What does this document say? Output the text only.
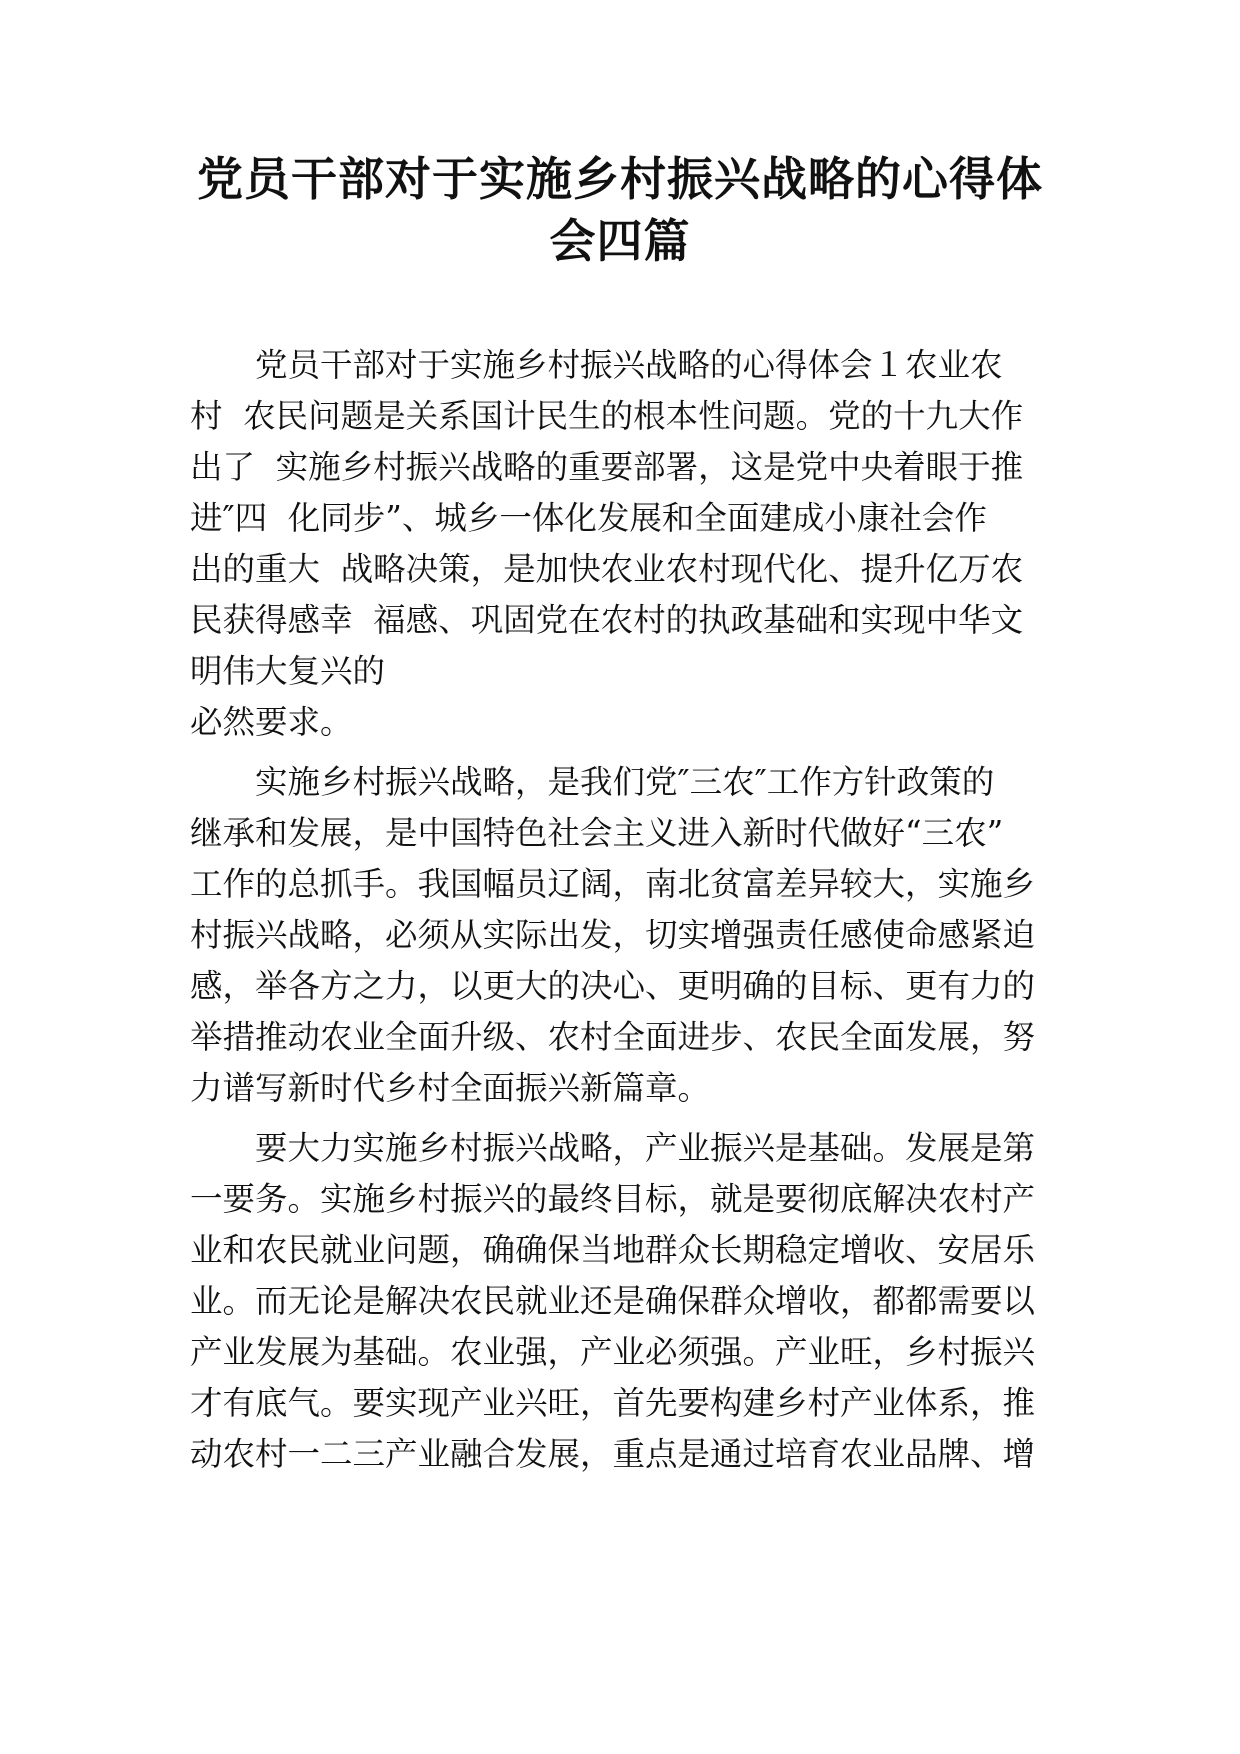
党员干部对于实施乡村振兴战略的心得体
会四篇

　　党员干部对于实施乡村振兴战略的心得体会１农业农
村  农民问题是关系国计民生的根本性问题。党的十九大作
出了  实施乡村振兴战略的重要部署，这是党中央着眼于推
进″四  化同步”、城乡一体化发展和全面建成小康社会作
出的重大  战略决策，是加快农业农村现代化、提升亿万农
民获得感幸  福感、巩固党在农村的执政基础和实现中华文
明伟大复兴的
必然要求。

　　实施乡村振兴战略，是我们党″三农″工作方针政策的
继承和发展，是中国特色社会主义进入新时代做好“三农”
工作的总抓手。我国幅员辽阔，南北贫富差异较大，实施乡
村振兴战略，必须从实际出发，切实增强责任感使命感紧迫
感，举各方之力，以更大的决心、更明确的目标、更有力的
举措推动农业全面升级、农村全面进步、农民全面发展，努
力谱写新时代乡村全面振兴新篇章。

　　要大力实施乡村振兴战略，产业振兴是基础。发展是第
一要务。实施乡村振兴的最终目标，就是要彻底解决农村产
业和农民就业问题，确确保当地群众长期稳定增收、安居乐
业。而无论是解决农民就业还是确保群众增收，都都需要以
产业发展为基础。农业强，产业必须强。产业旺，乡村振兴
才有底气。要实现产业兴旺，首先要构建乡村产业体系，推
动农村一二三产业融合发展，重点是通过培育农业品牌、增
